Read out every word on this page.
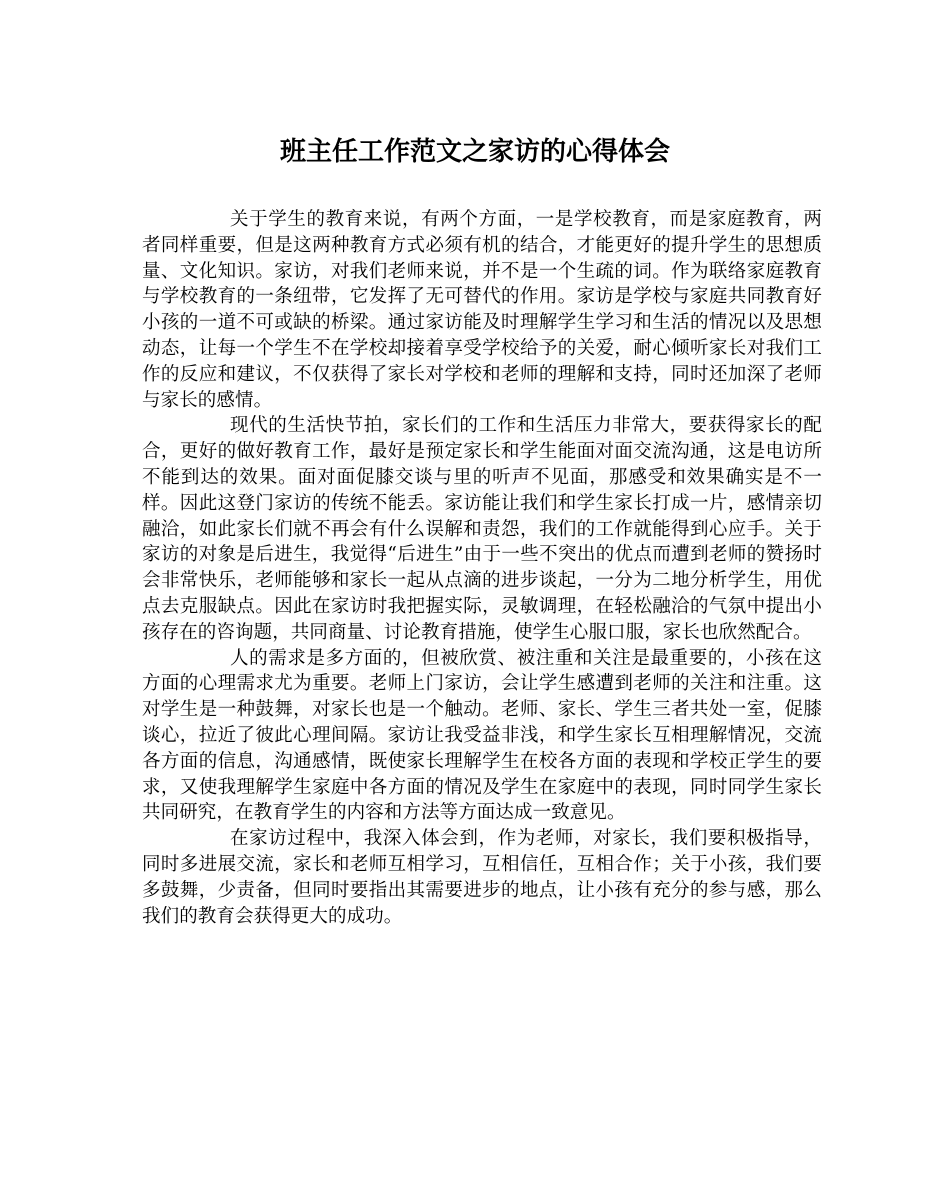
班主任工作范文之家访的心得体会

关于学生的教育来说，有两个方面，一是学校教育，而是家庭教育，两者同样重要，但是这两种教育方式必须有机的结合，才能更好的提升学生的思想质量、文化知识。家访，对我们老师来说，并不是一个生疏的词。作为联络家庭教育与学校教育的一条纽带，它发挥了无可替代的作用。家访是学校与家庭共同教育好小孩的一道不可或缺的桥梁。通过家访能及时理解学生学习和生活的情况以及思想动态，让每一个学生不在学校却接着享受学校给予的关爱，耐心倾听家长对我们工作的反应和建议，不仅获得了家长对学校和老师的理解和支持，同时还加深了老师与家长的感情。

现代的生活快节拍，家长们的工作和生活压力非常大，要获得家长的配合，更好的做好教育工作，最好是预定家长和学生能面对面交流沟通，这是电访所不能到达的效果。面对面促膝交谈与里的听声不见面，那感受和效果确实是不一样。因此这登门家访的传统不能丢。家访能让我们和学生家长打成一片，感情亲切融洽，如此家长们就不再会有什么误解和责怨，我们的工作就能得到心应手。关于家访的对象是后进生，我觉得“后进生”由于一些不突出的优点而遭到老师的赞扬时会非常快乐，老师能够和家长一起从点滴的进步谈起，一分为二地分析学生，用优点去克服缺点。因此在家访时我把握实际，灵敏调理，在轻松融洽的气氛中提出小孩存在的咨询题，共同商量、讨论教育措施，使学生心服口服，家长也欣然配合。

人的需求是多方面的，但被欣赏、被注重和关注是最重要的，小孩在这方面的心理需求尤为重要。老师上门家访，会让学生感遭到老师的关注和注重。这对学生是一种鼓舞，对家长也是一个触动。老师、家长、学生三者共处一室，促膝谈心，拉近了彼此心理间隔。家访让我受益非浅，和学生家长互相理解情况，交流各方面的信息，沟通感情，既使家长理解学生在校各方面的表现和学校正学生的要求，又使我理解学生家庭中各方面的情况及学生在家庭中的表现，同时同学生家长共同研究，在教育学生的内容和方法等方面达成一致意见。

在家访过程中，我深入体会到，作为老师，对家长，我们要积极指导，同时多进展交流，家长和老师互相学习，互相信任，互相合作；关于小孩，我们要多鼓舞，少责备，但同时要指出其需要进步的地点，让小孩有充分的参与感，那么我们的教育会获得更大的成功。
